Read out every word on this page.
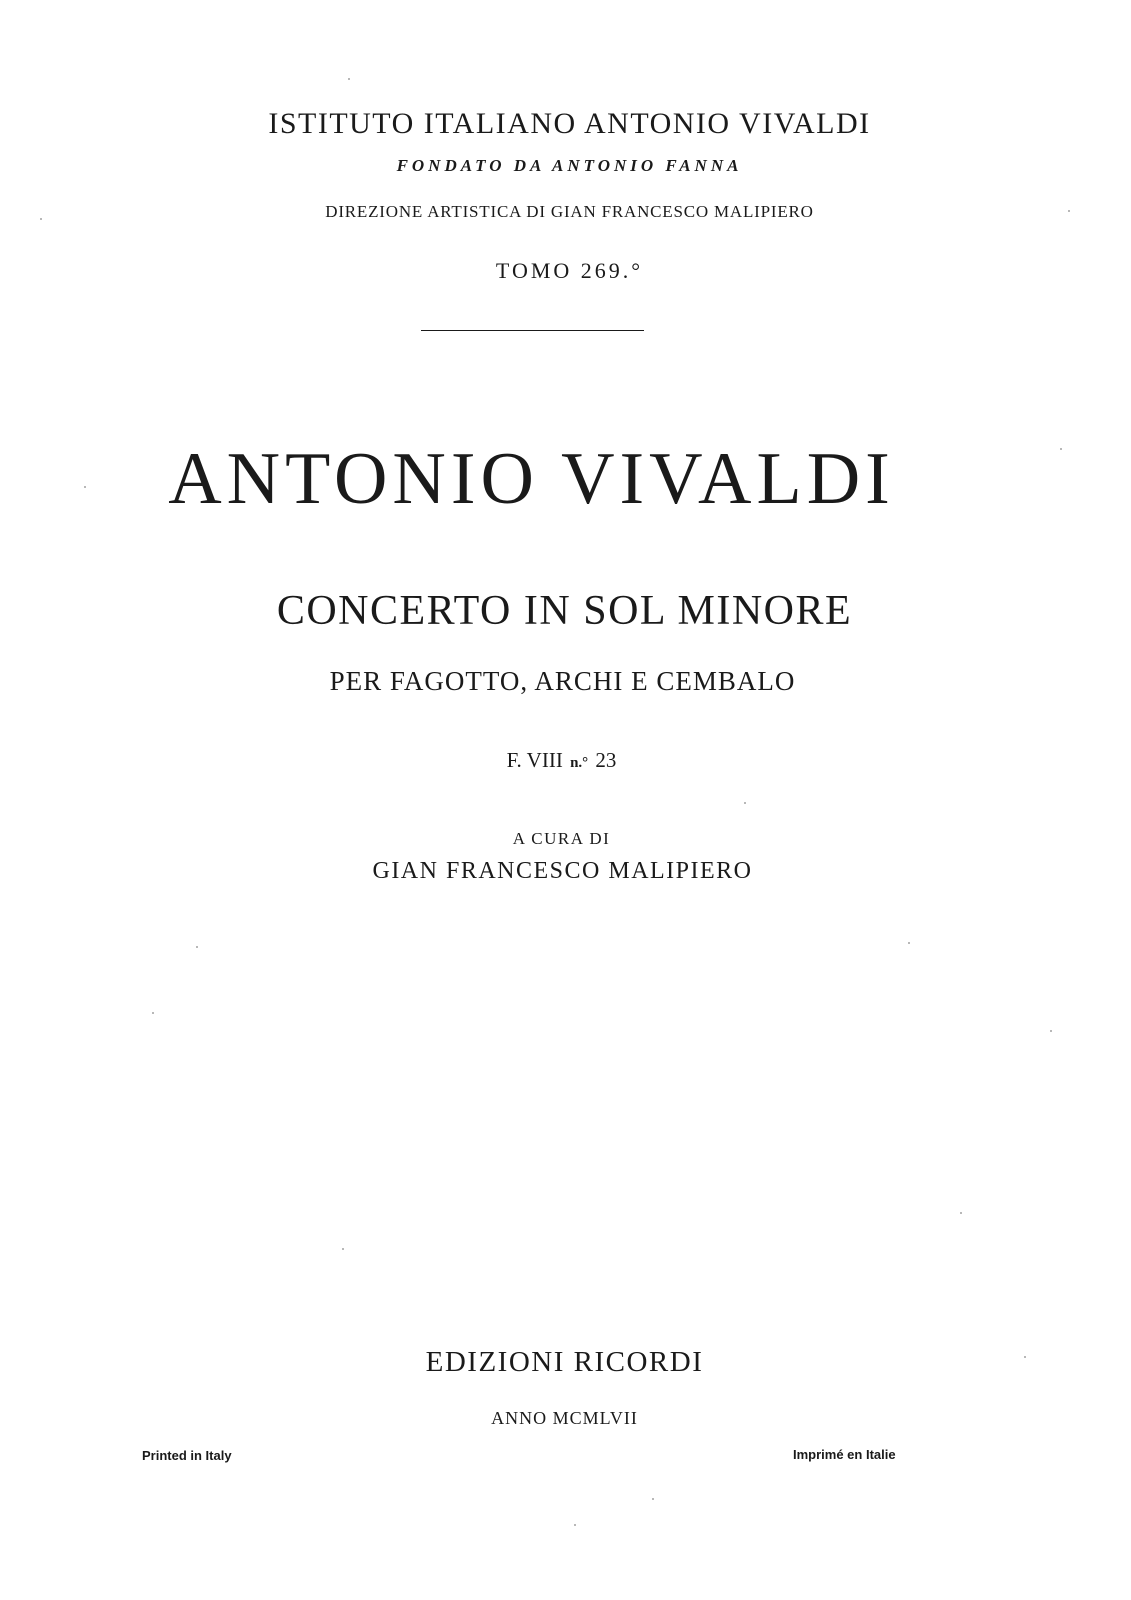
ISTITUTO ITALIANO ANTONIO VIVALDI
FONDATO DA ANTONIO FANNA
DIREZIONE ARTISTICA DI GIAN FRANCESCO MALIPIERO
TOMO 269.°
ANTONIO VIVALDI
CONCERTO IN SOL MINORE
PER FAGOTTO, ARCHI E CEMBALO
F. VIII n.° 23
A CURA DI
GIAN FRANCESCO MALIPIERO
EDIZIONI RICORDI
ANNO MCMLVII
Printed in Italy	Imprimé en Italie
